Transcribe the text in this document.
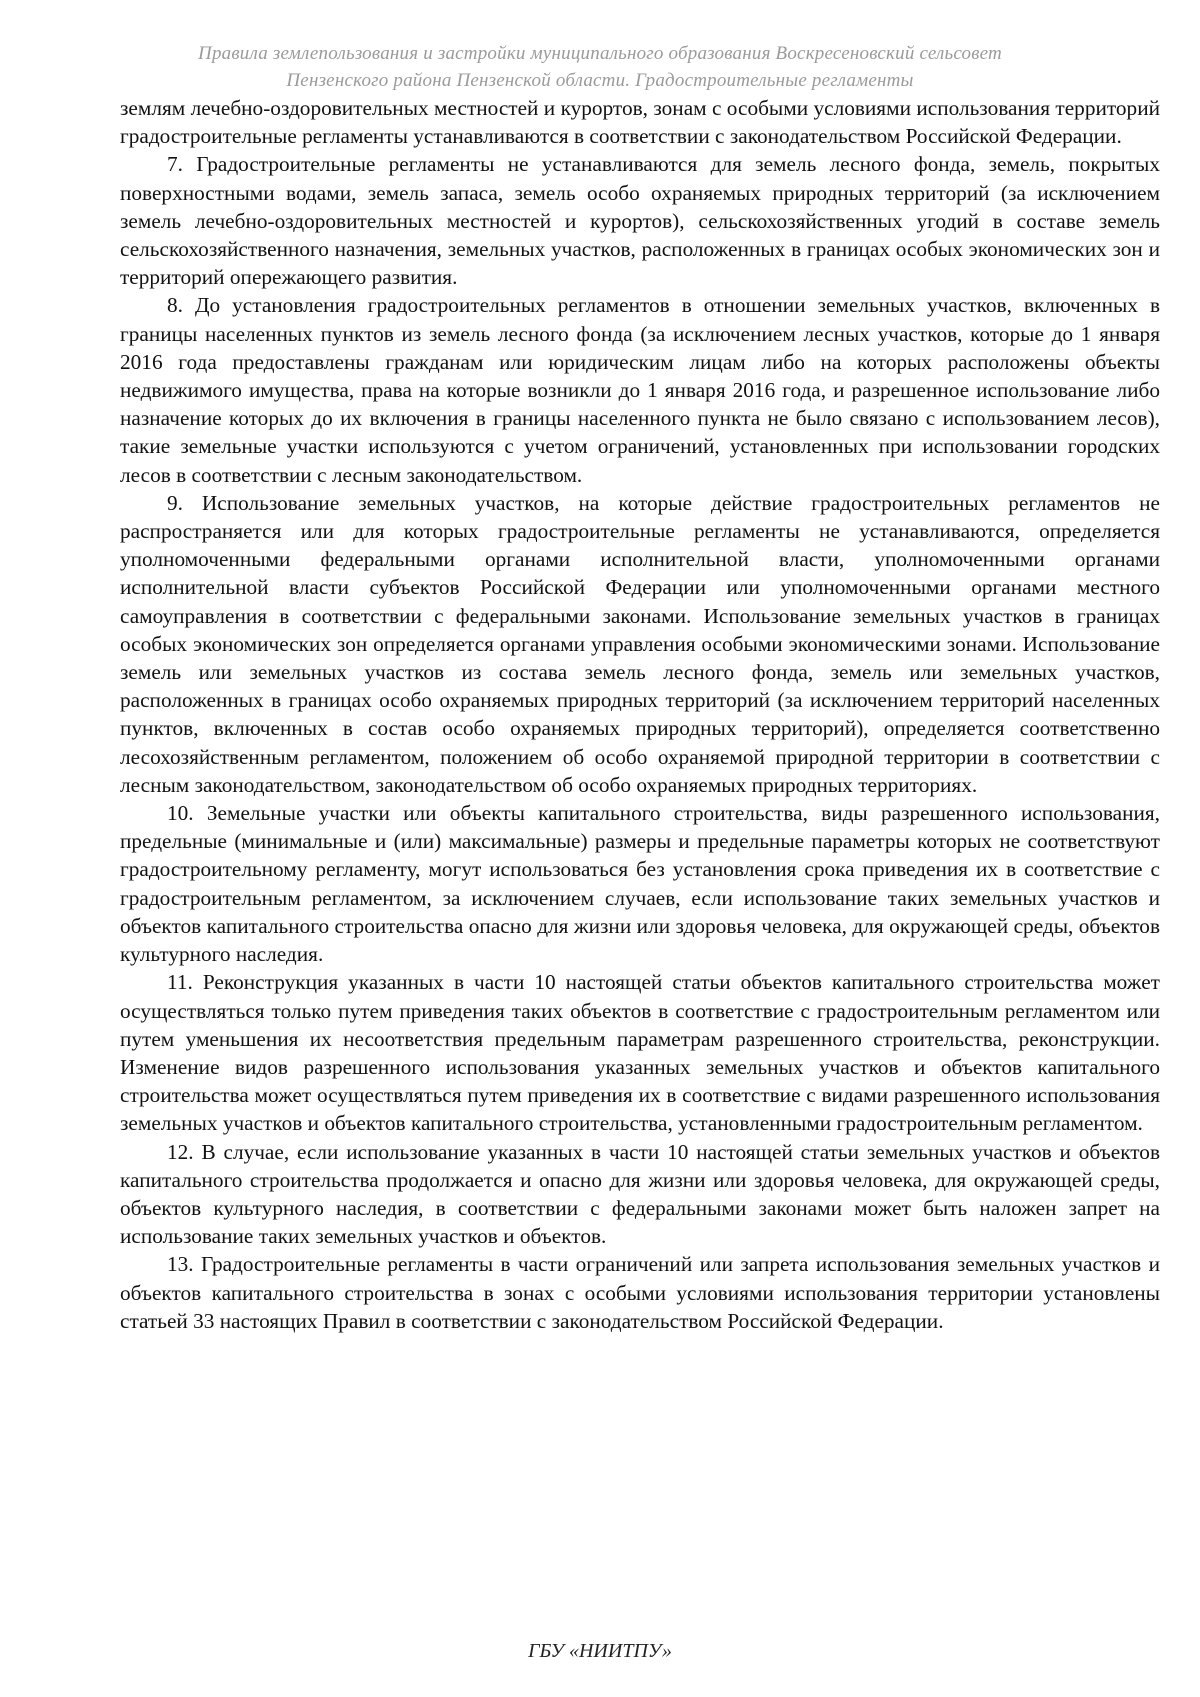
Правила землепользования и застройки муниципального образования Воскресеновский сельсовет
Пензенского района Пензенской области. Градостроительные регламенты

землям лечебно-оздоровительных местностей и курортов, зонам с особыми условиями использования территорий градостроительные регламенты устанавливаются в соответствии с законодательством Российской Федерации.

7. Градостроительные регламенты не устанавливаются для земель лесного фонда, земель, покрытых поверхностными водами, земель запаса, земель особо охраняемых природных территорий (за исключением земель лечебно-оздоровительных местностей и курортов), сельскохозяйственных угодий в составе земель сельскохозяйственного назначения, земельных участков, расположенных в границах особых экономических зон и территорий опережающего развития.

8. До установления градостроительных регламентов в отношении земельных участков, включенных в границы населенных пунктов из земель лесного фонда (за исключением лесных участков, которые до 1 января 2016 года предоставлены гражданам или юридическим лицам либо на которых расположены объекты недвижимого имущества, права на которые возникли до 1 января 2016 года, и разрешенное использование либо назначение которых до их включения в границы населенного пункта не было связано с использованием лесов), такие земельные участки используются с учетом ограничений, установленных при использовании городских лесов в соответствии с лесным законодательством.

9. Использование земельных участков, на которые действие градостроительных регламентов не распространяется или для которых градостроительные регламенты не устанавливаются, определяется уполномоченными федеральными органами исполнительной власти, уполномоченными органами исполнительной власти субъектов Российской Федерации или уполномоченными органами местного самоуправления в соответствии с федеральными законами. Использование земельных участков в границах особых экономических зон определяется органами управления особыми экономическими зонами. Использование земель или земельных участков из состава земель лесного фонда, земель или земельных участков, расположенных в границах особо охраняемых природных территорий (за исключением территорий населенных пунктов, включенных в состав особо охраняемых природных территорий), определяется соответственно лесохозяйственным регламентом, положением об особо охраняемой природной территории в соответствии с лесным законодательством, законодательством об особо охраняемых природных территориях.

10. Земельные участки или объекты капитального строительства, виды разрешенного использования, предельные (минимальные и (или) максимальные) размеры и предельные параметры которых не соответствуют градостроительному регламенту, могут использоваться без установления срока приведения их в соответствие с градостроительным регламентом, за исключением случаев, если использование таких земельных участков и объектов капитального строительства опасно для жизни или здоровья человека, для окружающей среды, объектов культурного наследия.

11. Реконструкция указанных в части 10 настоящей статьи объектов капитального строительства может осуществляться только путем приведения таких объектов в соответствие с градостроительным регламентом или путем уменьшения их несоответствия предельным параметрам разрешенного строительства, реконструкции. Изменение видов разрешенного использования указанных земельных участков и объектов капитального строительства может осуществляться путем приведения их в соответствие с видами разрешенного использования земельных участков и объектов капитального строительства, установленными градостроительным регламентом.

12. В случае, если использование указанных в части 10 настоящей статьи земельных участков и объектов капитального строительства продолжается и опасно для жизни или здоровья человека, для окружающей среды, объектов культурного наследия, в соответствии с федеральными законами может быть наложен запрет на использование таких земельных участков и объектов.

13. Градостроительные регламенты в части ограничений или запрета использования земельных участков и объектов капитального строительства в зонах с особыми условиями использования территории установлены статьей 33 настоящих Правил в соответствии с законодательством Российской Федерации.

ГБУ «НИИТПУ»
